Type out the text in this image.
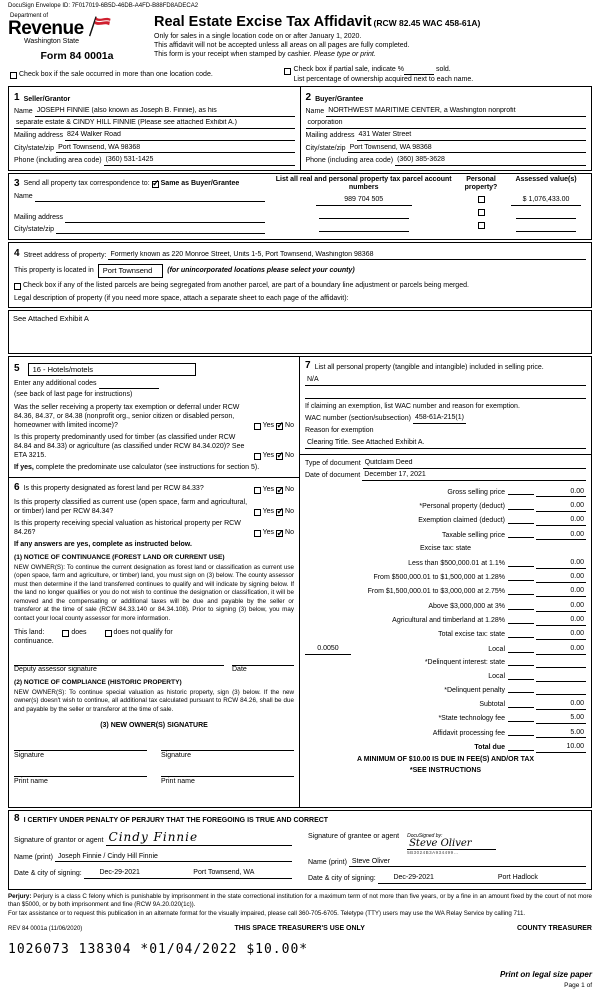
DocuSign Envelope ID: 7F017019-6B5D-46DB-A4FD-B88FD8ADECA2
Department of
Revenue
Washington State
Form 84 0001a
Real Estate Excise Tax Affidavit (RCW 82.45 WAC 458-61A)
Only for sales in a single location code on or after January 1, 2020.
This affidavit will not be accepted unless all areas on all pages are fully completed.
This form is your receipt when stamped by cashier. Please type or print.
Check box if the sale occurred in more than one location code.
Check box if partial sale, indicate %	sold.
List percentage of ownership acquired next to each name.
1 Seller/Grantor
Name JOSEPH FINNIE (also known as Joseph B. Finnie), as his
separate estate & CINDY HILL FINNIE (Please see attached Exhibit A.)
Mailing address 824 Walker Road
City/state/zip Port Townsend, WA 98368
Phone (including area code) (360) 531-1425
2 Buyer/Grantee
Name NORTHWEST MARITIME CENTER, a Washington nonprofit
corporation
Mailing address 431 Water Street
City/state/zip Port Townsend, WA 98368
Phone (including area code) (360) 385-3628
3 Send all property tax correspondence to: ✓ Same as Buyer/Grantee
Name
Mailing address
City/state/zip
List all real and personal property tax parcel account numbers
Personal property?
Assessed value(s)
989 704 505	$ 1,076,433.00
4 Street address of property: Formerly known as 220 Monroe Street, Units 1-5, Port Townsend, Washington 98368
This property is located in	Port Townsend	(for unincorporated locations please select your county)
Check box if any of the listed parcels are being segregated from another parcel, are part of a boundary line adjustment or parcels being merged.
Legal description of property (if you need more space, attach a separate sheet to each page of the affidavit):
See Attached Exhibit A
5	16 - Hotels/motels
Enter any additional codes
(see back of last page for instructions)
Was the seller receiving a property tax exemption or deferral under RCW 84.36, 84.37, or 84.38 (nonprofit org., senior citizen or disabled person, homeowner with limited income)?	Yes ✓ No
Is this property predominantly used for timber (as classified under RCW 84.84 and 84.33) or agriculture (as classified under RCW 84.34.020)? See ETA 3215.	Yes ✓ No
If yes, complete the predominate use calculator (see instructions for section 5).
6 Is this property designated as forest land per RCW 84.33?	Yes ✓ No
Is this property classified as current use (open space, farm and agricultural, or timber) land per RCW 84.34?	Yes ✓ No
Is this property receiving special valuation as historical property per RCW 84.26?	Yes ✓ No
If any answers are yes, complete as instructed below.
(1) NOTICE OF CONTINUANCE (FOREST LAND OR CURRENT USE)
NEW OWNER(S): To continue the current designation as forest land or classification as current use (open space, farm and agriculture, or timber) land, you must sign on (3) below. The county assessor must then determine if the land transferred continues to qualify and will indicate by signing below. If the land no longer qualifies or you do not wish to continue the designation or classification, it will be removed and the compensating or additional taxes will be due and payable by the seller or transferor at the time of sale (RCW 84.33.140 or 84.34.108). Prior to signing (3) below, you may contact your local county assessor for more information.
This land:	does	does not qualify for
continuance.
Deputy assessor signature	Date
(2) NOTICE OF COMPLIANCE (HISTORIC PROPERTY)
NEW OWNER(S): To continue special valuation as historic property, sign (3) below. If the new owner(s) doesn't wish to continue, all additional tax calculated pursuant to RCW 84.26, shall be due and payable by the seller or transferor at the time of sale.
(3) NEW OWNER(S) SIGNATURE
Signature	Signature
Print name	Print name
7 List all personal property (tangible and intangible) included in selling price.
N/A
If claiming an exemption, list WAC number and reason for exemption.
WAC number (section/subsection) 458-61A-215(1)
Reason for exemption
Clearing Title. See Attached Exhibit A.
Type of document Quitclaim Deed
Date of document December 17, 2021
Gross selling price	0.00
*Personal property (deduct)	0.00
Exemption claimed (deduct)	0.00
Taxable selling price	0.00
Excise tax: state
Less than $500,000.01 at 1.1%	0.00
From $500,000.01 to $1,500,000 at 1.28%	0.00
From $1,500,000.01 to $3,000,000 at 2.75%	0.00
Above $3,000,000 at 3%	0.00
Agricultural and timberland at 1.28%	0.00
Total excise tax: state	0.00
0.0050	Local	0.00
*Delinquent interest: state
Local
*Delinquent penalty
Subtotal	0.00
*State technology fee	5.00
Affidavit processing fee	5.00
Total due	10.00
A MINIMUM OF $10.00 IS DUE IN FEE(S) AND/OR TAX
*SEE INSTRUCTIONS
8 I CERTIFY UNDER PENALTY OF PERJURY THAT THE FOREGOING IS TRUE AND CORRECT
Signature of grantor or agent Cindy Finnie
Name (print) Joseph Finnie / Cindy Hill Finnie
Date & city of signing:	Dec-29-2021	Port Townsend, WA
Signature of grantee or agent DocuSigned by:
Steve Oliver
5B3024B3A934499...
Name (print) Steve Oliver
Date & city of signing:	Dec-29-2021	Port Hadlock
Perjury: Perjury is a class C felony which is punishable by imprisonment in the state correctional institution for a maximum term of not more than five years, or by a fine in an amount fixed by the court of not more than $5000, or by both imprisonment and fine (RCW 9A.20.020(1c)).
For tax assistance or to request this publication in an alternate format for the visually impaired, please call 360-705-6705. Teletype (TTY) users may use the WA Relay Service by calling 711.
REV 84 0001a (11/06/2020)	THIS SPACE TREASURER'S USE ONLY	COUNTY TREASURER
1026073 138304 *01/04/2022 $10.00*
Print on legal size paper
Page 1 of
